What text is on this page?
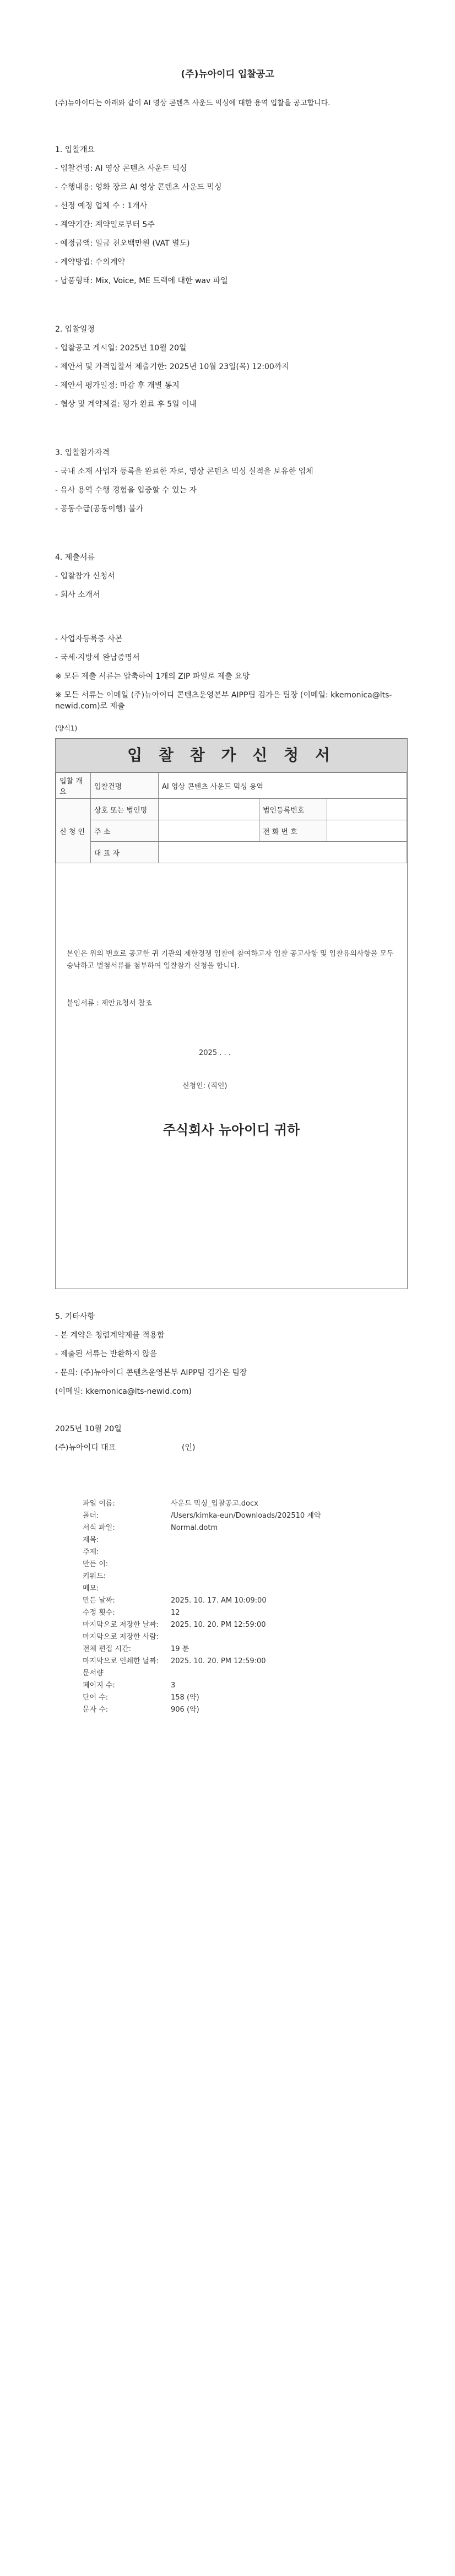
(주)뉴아이디 입찰공고
(주)뉴아이디는 아래와 같이 AI 영상 콘텐츠 사운드 믹싱에 대한 용역 입찰을 공고합니다.
1. 입찰개요
- 입찰건명: AI 영상 콘텐츠 사운드 믹싱
- 수행내용: 영화 장르 AI 영상 콘텐츠 사운드 믹싱
- 선정 예정 업체 수 : 1개사
- 계약기간: 계약일로부터 5주
- 예정금액: 일금 천오백만원 (VAT 별도)
- 계약방법: 수의계약
- 납품형태: Mix, Voice, ME 트랙에 대한 wav 파일
2. 입찰일정
- 입찰공고 게시일: 2025년 10월 20일
- 제안서 및 가격입찰서 제출기한: 2025년 10월 23일(목) 12:00까지
- 제안서 평가일정: 마감 후 개별 통지
- 협상 및 계약체결: 평가 완료 후 5일 이내
3. 입찰참가자격
- 국내 소재 사업자 등록을 완료한 자로, 영상 콘텐츠 믹싱 실적을 보유한 업체
- 유사 용역 수행 경험을 입증할 수 있는 자
- 공동수급(공동이행) 불가
4. 제출서류
- 입찰참가 신청서
- 회사 소개서
- 사업자등록증 사본
- 국세·지방세 완납증명서
※ 모든 제출 서류는 압축하여 1개의 ZIP 파일로 제출 요망
※ 모든 서류는 이메일 (주)뉴아이디 콘텐츠운영본부 AIPP팀 김가은 팀장 (이메일: kkemonica@lts-newid.com)로 제출
(양식1)
입 찰 참 가 신 청 서
입찰 개요	입찰건명	AI 영상 콘텐츠 사운드 믹싱 용역		
신 청 인	상호 또는 법인명		법인등록번호	
	주 소		전 화 번 호	
	대 표 자			
본인은 위의 번호로 공고한 귀 기관의 제한경쟁 입찰에 참여하고자 입찰 공고사항 및 입찰유의사항을 모두 승낙하고 별첨서류를 첨부하여 입찰참가 신청을 합니다.
붙임서류 : 제안요청서 참조
2025 . . .
신청인: (직인)
주식회사 뉴아이디 귀하
5. 기타사항
- 본 계약은 청렴계약제를 적용함
- 제출된 서류는 반환하지 않음
- 문의: (주)뉴아이디 콘텐츠운영본부 AIPP팀 김가은 팀장
(이메일: kkemonica@lts-newid.com)
2025년 10월 20일
(주)뉴아이디 대표	(인)
파일 이름:	사운드 믹싱_입찰공고.docx
폴더:	/Users/kimka-eun/Downloads/202510 계약
서식 파일:	Normal.dotm
제목:
주제:
만든 이:
키워드:
메모:
만든 날짜:	2025. 10. 17. AM 10:09:00
수정 횟수:	12
마지막으로 저장한 날짜: 2025. 10. 20. PM 12:59:00
마지막으로 저장한 사람:
전체 편집 시간:	19 분
마지막으로 인쇄한 날짜: 2025. 10. 20. PM 12:59:00
문서량
페이지 수:	3
단어 수:	158 (약)
문자 수:	906 (약)
